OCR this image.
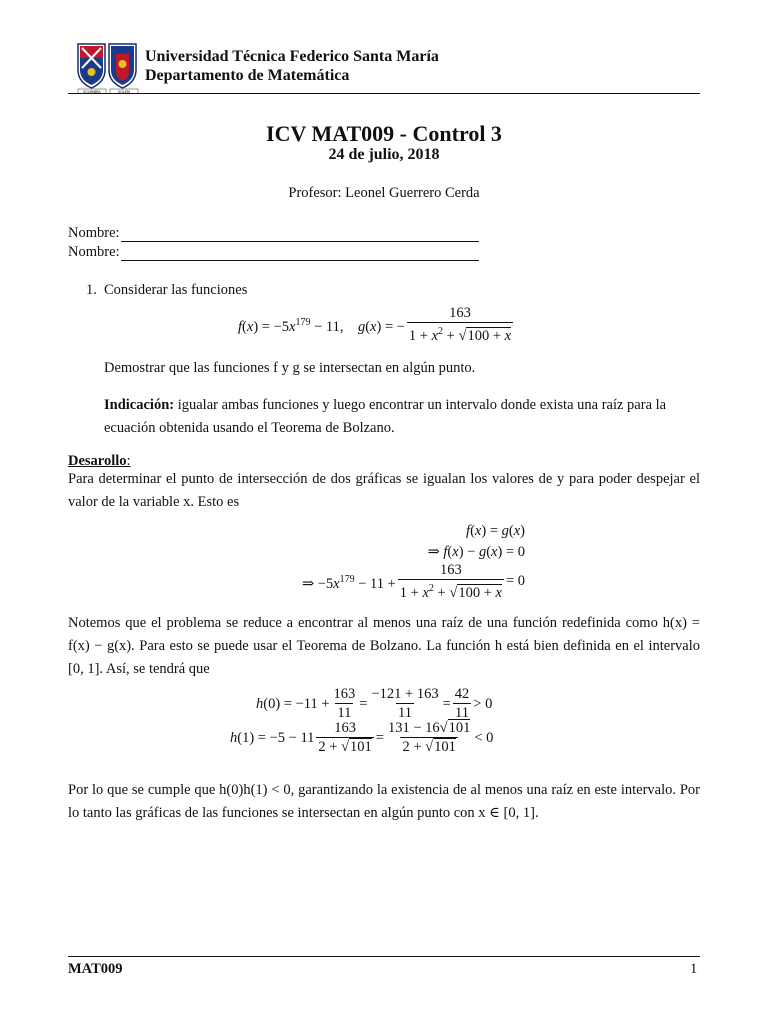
ECUMBRA	SOLEM
Universidad Técnica Federico Santa María
Departamento de Matemática
ICV MAT009 - Control 3
24 de julio, 2018
Profesor: Leonel Guerrero Cerda
Nombre:
Nombre:
1. Considerar las funciones
$f(x) = -5x^{179} - 11$,    g(x) = − $\frac{163}{1 + x^2 + √100 + x}$
Demostrar que las funciones f y g se intersectan en algún punto.
Indicación: igualar ambas funciones y luego encontrar un intervalo donde exista una raíz para la ecuación obtenida usando el Teorema de Bolzano.
Desarollo:
Para determinar el punto de intersección de dos gráficas se igualan los valores de y para poder despejar el valor de la variable x. Esto es
f(x) = g(x)
⇒ f(x) − g(x) = 0
⇒ $-5x^{179} - 11 + \frac{163}{1 + x^2 + √100 + x} = 0$
Notemos que el problema se reduce a encontrar al menos una raíz de una función redefinida como h(x) = f(x) − g(x). Para esto se puede usar el Teorema de Bolzano. La función h está bien definida en el intervalo [0, 1]. Así, se tendrá que
$h(0) = -11 + \frac{163}{11} = \frac{-121 + 163}{11} = \frac{42}{11} > 0$
$h(1) = -5 - 11 \frac{163}{2 + √101} = \frac{131 - 16√101}{2 + √101} < 0$
Por lo que se cumple que h(0)h(1) < 0, garantizando la existencia de al menos una raíz en este intervalo. Por lo tanto las gráficas de las funciones se intersectan en algún punto con x ∈ [0, 1].
MAT009	1
